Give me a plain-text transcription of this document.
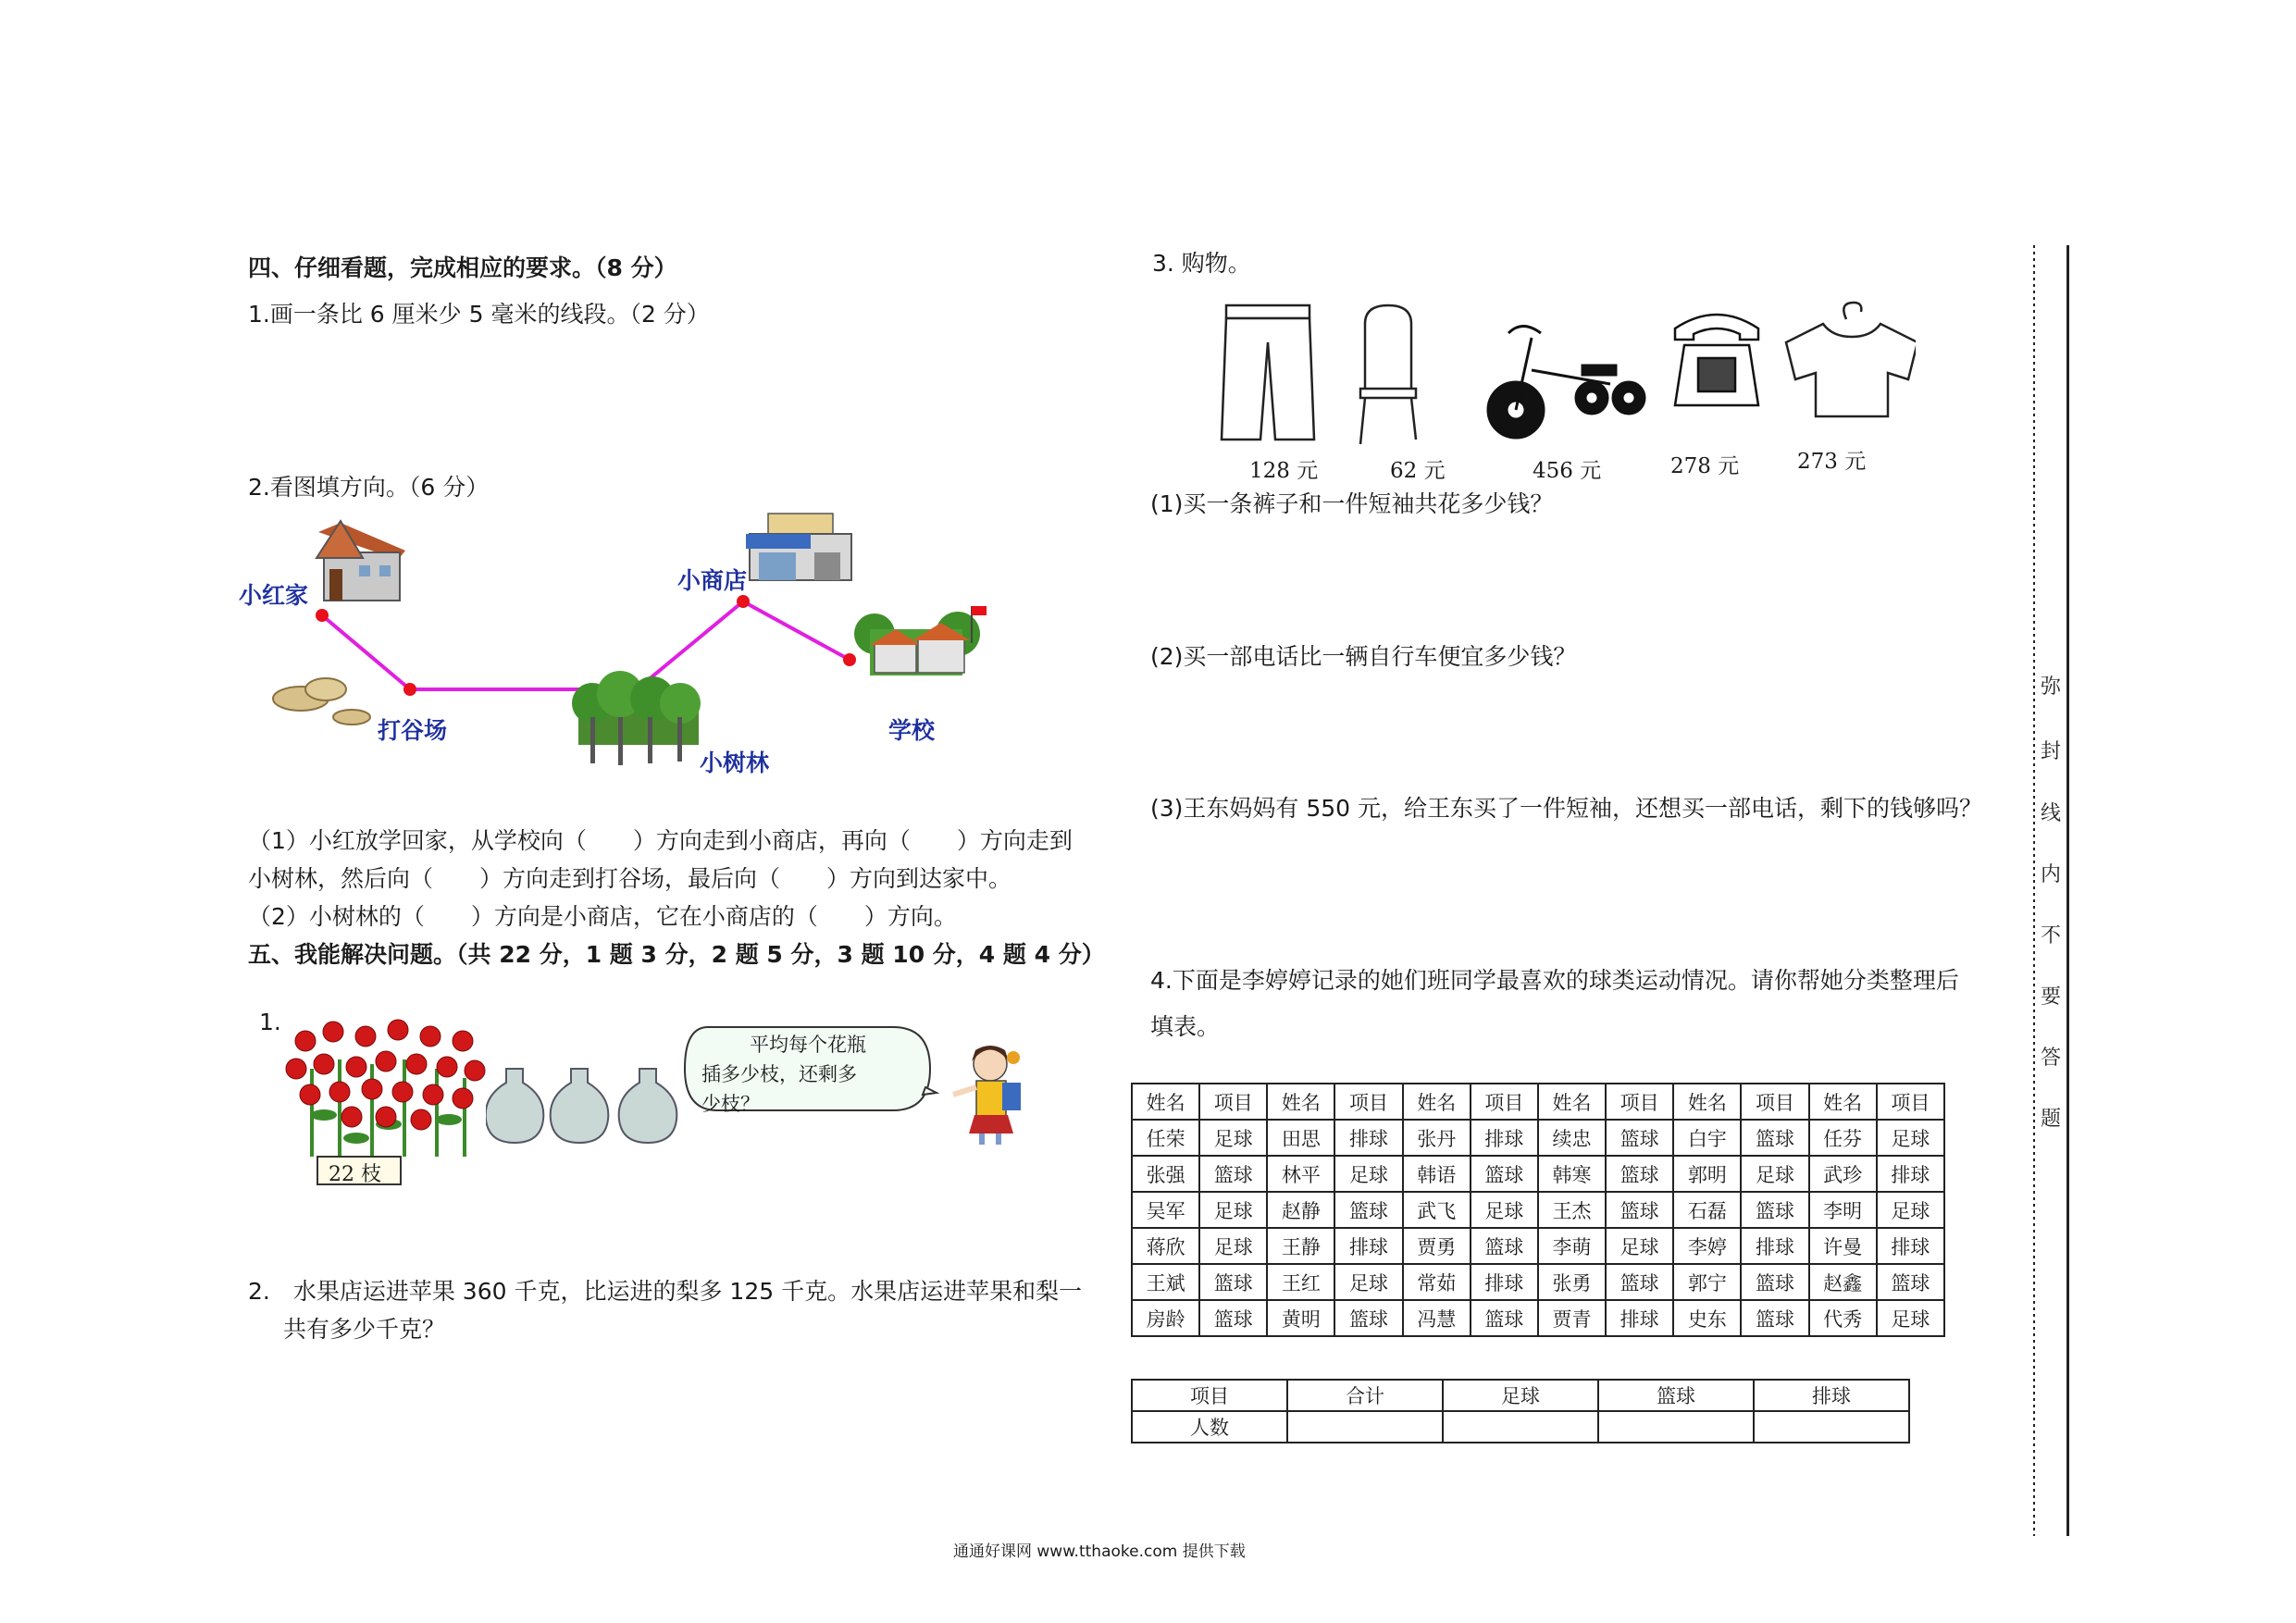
四、仔细看题，完成相应的要求。（8 分）
1.画一条比 6 厘米少 5 毫米的线段。（2 分）
2.看图填方向。（6 分）
小红家
小商店
打谷场
小树林
学校
（1）小红放学回家，从学校向（　　）方向走到小商店，再向（　　）方向走到
小树林，然后向（　　）方向走到打谷场，最后向（　　）方向到达家中。
（2）小树林的（　　）方向是小商店，它在小商店的（　　）方向。
五、我能解决问题。（共 22 分，1 题 3 分，2 题 5 分，3 题 10 分，4 题 4 分）
1.
22 枝
平均每个花瓶
插多少枝，还剩多
少枝？
2.　水果店运进苹果 360 千克，比运进的梨多 125 千克。水果店运进苹果和梨一
共有多少千克？
3. 购物。
128 元	62 元	456 元	278 元	273 元
(1)买一条裤子和一件短袖共花多少钱？
(2)买一部电话比一辆自行车便宜多少钱？
(3)王东妈妈有 550 元，给王东买了一件短袖，还想买一部电话，剩下的钱够吗？
4.下面是李婷婷记录的她们班同学最喜欢的球类运动情况。请你帮她分类整理后
填表。
姓名	项目	姓名	项目	姓名	项目	姓名	项目	姓名	项目	姓名	项目
任荣	足球	田思	排球	张丹	排球	续忠	篮球	白宇	篮球	任芬	足球
张强	篮球	林平	足球	韩语	篮球	韩寒	篮球	郭明	足球	武珍	排球
吴军	足球	赵静	篮球	武飞	足球	王杰	篮球	石磊	篮球	李明	足球
蒋欣	足球	王静	排球	贾勇	篮球	李萌	足球	李婷	排球	许曼	排球
王斌	篮球	王红	足球	常茹	排球	张勇	篮球	郭宁	篮球	赵鑫	篮球
房龄	篮球	黄明	篮球	冯慧	篮球	贾青	排球	史东	篮球	代秀	足球
项目	合计	足球	篮球	排球
人数				
弥
封
线
内
不
要
答
题
通通好课网 www.tthaoke.com 提供下载
